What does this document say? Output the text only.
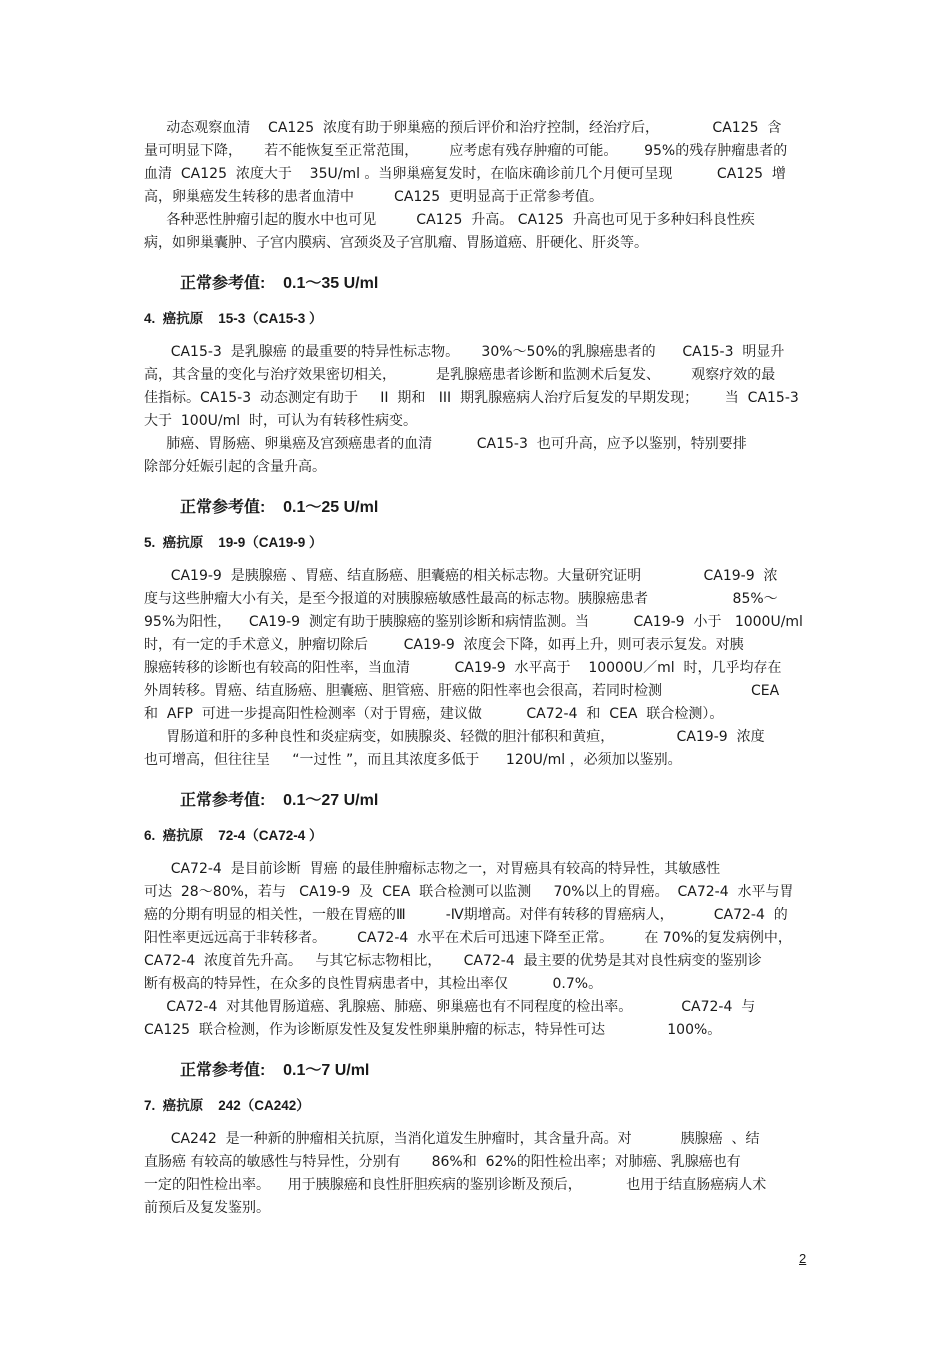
动态观察血清    CA125  浓度有助于卵巢癌的预后评价和治疗控制，经治疗后，            CA125  含
量可明显下降，     若不能恢复至正常范围，       应考虑有残存肿瘤的可能。      95%的残存肿瘤患者的
血清  CA125  浓度大于    35U/ml 。当卵巢癌复发时，在临床确诊前几个月便可呈现          CA125  增
高，卵巢癌发生转移的患者血清中         CA125  更明显高于正常参考值。
各种恶性肿瘤引起的腹水中也可见         CA125  升高。 CA125  升高也可见于多种妇科良性疾
病，如卵巢囊肿、子宫内膜病、宫颈炎及子宫肌瘤、胃肠道癌、肝硬化、肝炎等。
正常参考值:    0.1～35 U/ml
4.  癌抗原    15-3（CA15-3 ）
CA15-3  是乳腺癌 的最重要的特异性标志物。     30%～50%的乳腺癌患者的      CA15-3  明显升
高，其含量的变化与治疗效果密切相关，         是乳腺癌患者诊断和监测术后复发、       观察疗效的最
佳指标。CA15-3  动态测定有助于     II  期和   III  期乳腺癌病人治疗后复发的早期发现；      当  CA15-3
大于  100U/ml  时，可认为有转移性病变。
肺癌、胃肠癌、卵巢癌及宫颈癌患者的血清          CA15-3  也可升高，应予以鉴别，特别要排
除部分妊娠引起的含量升高。
正常参考值:    0.1～25 U/ml
5.  癌抗原    19-9（CA19-9 ）
CA19-9  是胰腺癌 、胃癌、结直肠癌、胆囊癌的相关标志物。大量研究证明              CA19-9  浓
度与这些肿瘤大小有关，是至今报道的对胰腺癌敏感性最高的标志物。胰腺癌患者                   85%～
95%为阳性，    CA19-9  测定有助于胰腺癌的鉴别诊断和病情监测。当          CA19-9  小于   1000U/ml
时，有一定的手术意义，肿瘤切除后        CA19-9  浓度会下降，如再上升，则可表示复发。对胰
腺癌转移的诊断也有较高的阳性率，当血清          CA19-9  水平高于    10000U／ml  时，几乎均存在
外周转移。胃癌、结直肠癌、胆囊癌、胆管癌、肝癌的阳性率也会很高，若同时检测                    CEA
和  AFP  可进一步提高阳性检测率（对于胃癌，建议做          CA72-4  和  CEA  联合检测）。
胃肠道和肝的多种良性和炎症病变，如胰腺炎、轻微的胆汁郁积和黄疸，              CA19-9  浓度
也可增高，但往往呈     “一过性 ”，而且其浓度多低于      120U/ml ，必须加以鉴别。
正常参考值:    0.1～27 U/ml
6.  癌抗原    72-4（CA72-4 ）
CA72-4  是目前诊断  胃癌 的最佳肿瘤标志物之一，对胃癌具有较高的特异性，其敏感性
可达  28～80%，若与   CA19-9  及  CEA  联合检测可以监测     70%以上的胃癌。  CA72-4  水平与胃
癌的分期有明显的相关性，一般在胃癌的Ⅲ         -Ⅳ期增高。对伴有转移的胃癌病人，         CA72-4  的
阳性率更远远高于非转移者。       CA72-4  水平在术后可迅速下降至正常。       在 70%的复发病例中，
CA72-4  浓度首先升高。   与其它标志物相比，     CA72-4  最主要的优势是其对良性病变的鉴别诊
断有极高的特异性，在众多的良性胃病患者中，其检出率仅          0.7%。
CA72-4  对其他胃肠道癌、乳腺癌、肺癌、卵巢癌也有不同程度的检出率。           CA72-4  与
CA125  联合检测，作为诊断原发性及复发性卵巢肿瘤的标志，特异性可达              100%。
正常参考值:    0.1～7 U/ml
7.  癌抗原    242（CA242）
CA242  是一种新的肿瘤相关抗原，当消化道发生肿瘤时，其含量升高。对           胰腺癌  、结
直肠癌 有较高的敏感性与特异性，分别有       86%和  62%的阳性检出率；对肺癌、乳腺癌也有
一定的阳性检出率。    用于胰腺癌和良性肝胆疾病的鉴别诊断及预后，          也用于结直肠癌病人术
前预后及复发鉴别。
2
